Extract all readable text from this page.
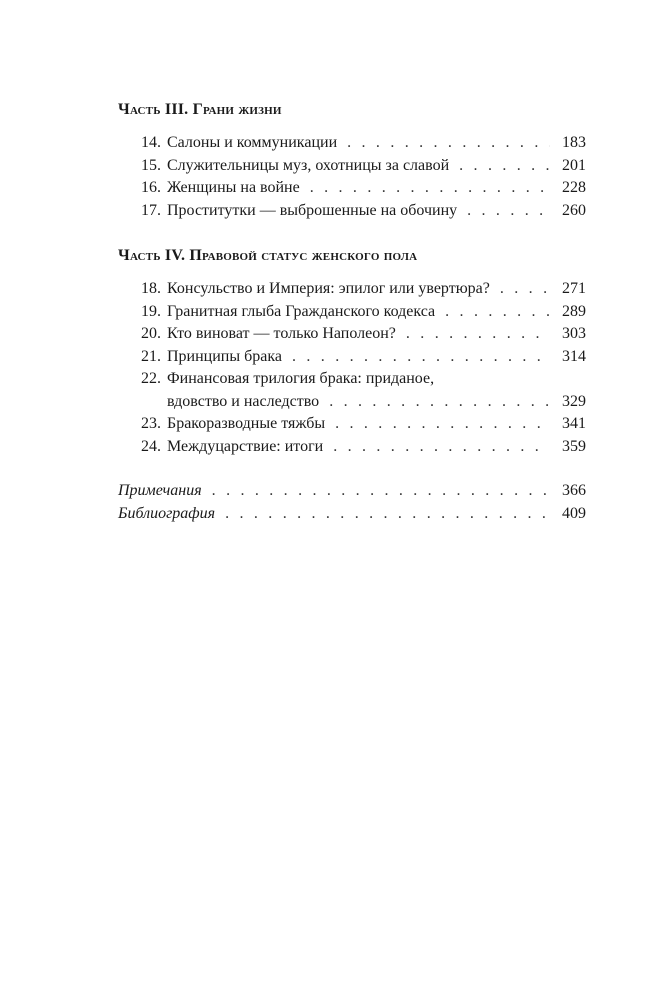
Часть III. Грани жизни
14. Салоны и коммуникации . . .	183
15. Служительницы муз, охотницы за славой . . .	201
16. Женщины на войне . . .	228
17. Проститутки — выброшенные на обочину . . .	260
Часть IV. Правовой статус женского пола
18. Консульство и Империя: эпилог или увертюра? . . .	271
19. Гранитная глыба Гражданского кодекса . . .	289
20. Кто виноват — только Наполеон? . . .	303
21. Принципы брака . . .	314
22. Финансовая трилогия брака: приданое,
вдовство и наследство . . .	329
23. Бракоразводные тяжбы . . .	341
24. Междуцарствие: итоги . . .	359
Примечания . . .	366
Библиография . . .	409
